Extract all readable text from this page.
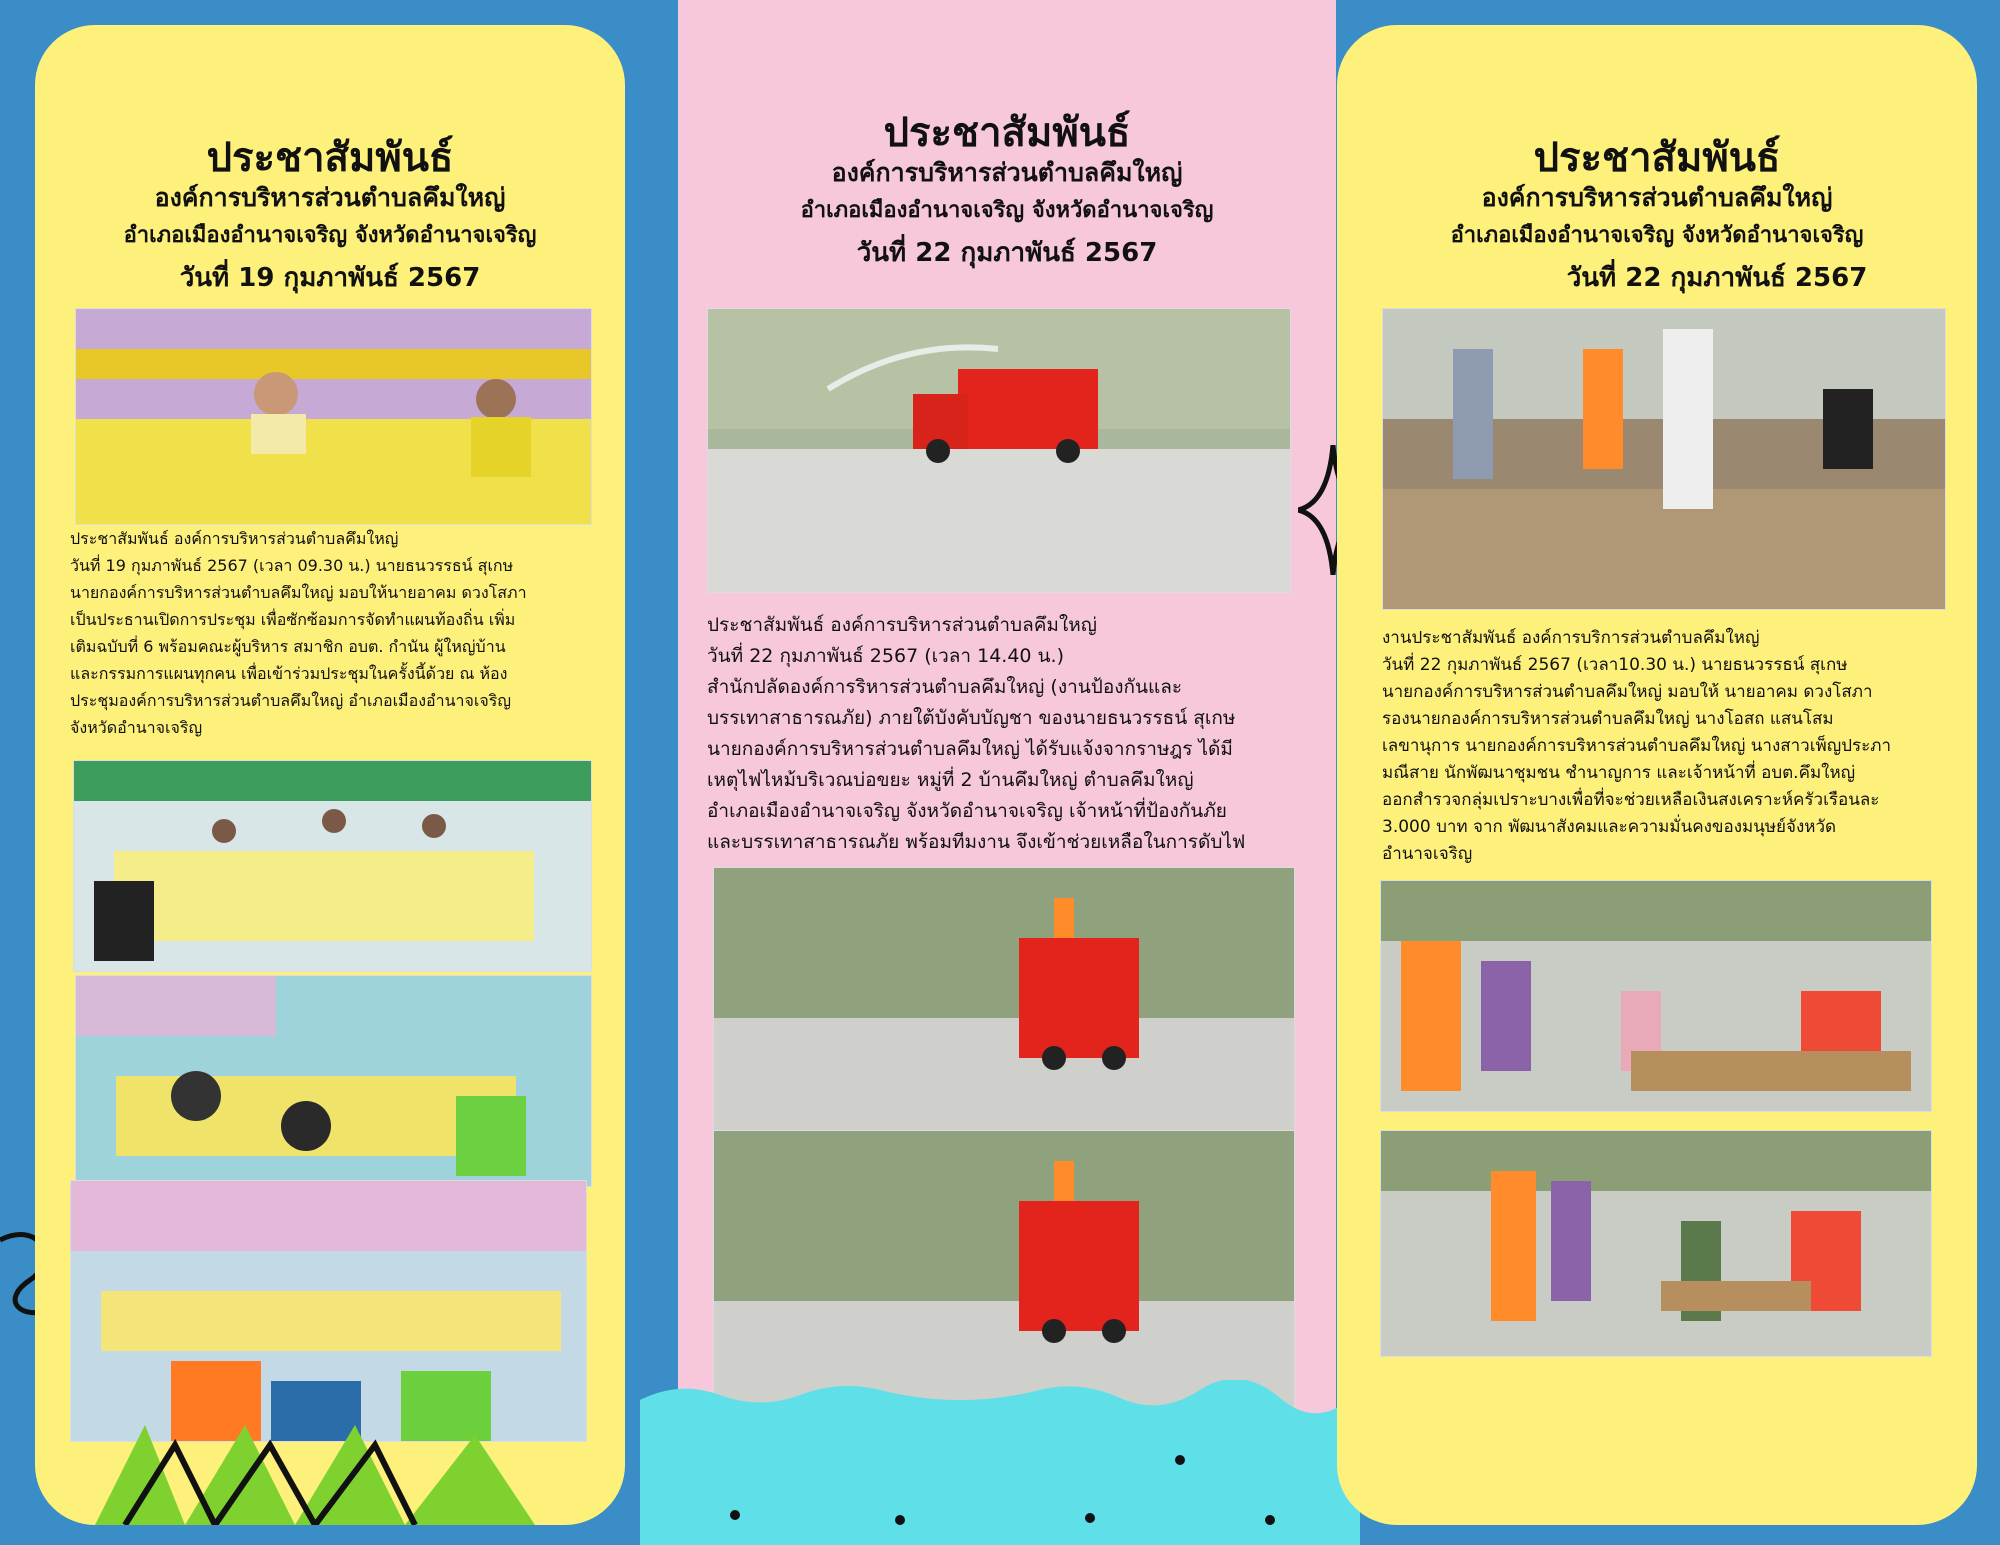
ประชาสัมพันธ์
องค์การบริหารส่วนตำบลคึมใหญ่
อำเภอเมืองอำนาจเจริญ จังหวัดอำนาจเจริญ
วันที่ 19 กุมภาพันธ์ 2567
ประชาสัมพันธ์ องค์การบริหารส่วนตำบลคึมใหญ่
วันที่ 19 กุมภาพันธ์ 2567 (เวลา 09.30 น.) นายธนวรรธน์ สุเกษ
นายกองค์การบริหารส่วนตำบลคึมใหญ่ มอบให้นายอาคม ดวงโสภา
เป็นประธานเปิดการประชุม เพื่อซักซ้อมการจัดทำแผนท้องถิ่น เพิ่ม
เติมฉบับที่ 6 พร้อมคณะผู้บริหาร สมาชิก อบต. กำนัน ผู้ใหญ่บ้าน
และกรรมการแผนทุกคน เพื่อเข้าร่วมประชุมในครั้งนี้ด้วย ณ ห้อง
ประชุมองค์การบริหารส่วนตำบลคึมใหญ่ อำเภอเมืองอำนาจเจริญ
จังหวัดอำนาจเจริญ
ประชาสัมพันธ์
องค์การบริหารส่วนตำบลคึมใหญ่
อำเภอเมืองอำนาจเจริญ จังหวัดอำนาจเจริญ
วันที่ 22 กุมภาพันธ์ 2567
ประชาสัมพันธ์ องค์การบริหารส่วนตำบลคึมใหญ่
วันที่ 22 กุมภาพันธ์ 2567 (เวลา 14.40 น.)
สำนักปลัดองค์การริหารส่วนตำบลคึมใหญ่ (งานป้องกันและ
บรรเทาสาธารณภัย) ภายใต้บังคับบัญชา ของนายธนวรรธน์ สุเกษ
นายกองค์การบริหารส่วนตำบลคึมใหญ่ ได้รับแจ้งจากราษฎร ได้มี
เหตุไฟไหม้บริเวณบ่อขยะ หมู่ที่ 2 บ้านคึมใหญ่ ตำบลคึมใหญ่
อำเภอเมืองอำนาจเจริญ จังหวัดอำนาจเจริญ เจ้าหน้าที่ป้องกันภัย
และบรรเทาสาธารณภัย พร้อมทีมงาน จึงเข้าช่วยเหลือในการดับไฟ
ประชาสัมพันธ์
องค์การบริหารส่วนตำบลคึมใหญ่
อำเภอเมืองอำนาจเจริญ จังหวัดอำนาจเจริญ
วันที่ 22 กุมภาพันธ์ 2567
งานประชาสัมพันธ์ องค์การบริการส่วนตำบลคึมใหญ่
วันที่ 22 กุมภาพันธ์ 2567 (เวลา10.30 น.) นายธนวรรธน์ สุเกษ
นายกองค์การบริหารส่วนตำบลคึมใหญ่ มอบให้ นายอาคม ดวงโสภา
รองนายกองค์การบริหารส่วนตำบลคึมใหญ่ นางโอสถ แสนโสม
เลขานุการ นายกองค์การบริหารส่วนตำบลคึมใหญ่ นางสาวเพ็ญประภา
มณีสาย นักพัฒนาชุมชน ชำนาญการ และเจ้าหน้าที่ อบต.คึมใหญ่
ออกสำรวจกลุ่มเปราะบางเพื่อที่จะช่วยเหลือเงินสงเคราะห์ครัวเรือนละ
3.000 บาท จาก พัฒนาสังคมและความมั่นคงของมนุษย์จังหวัด
อำนาจเจริญ
